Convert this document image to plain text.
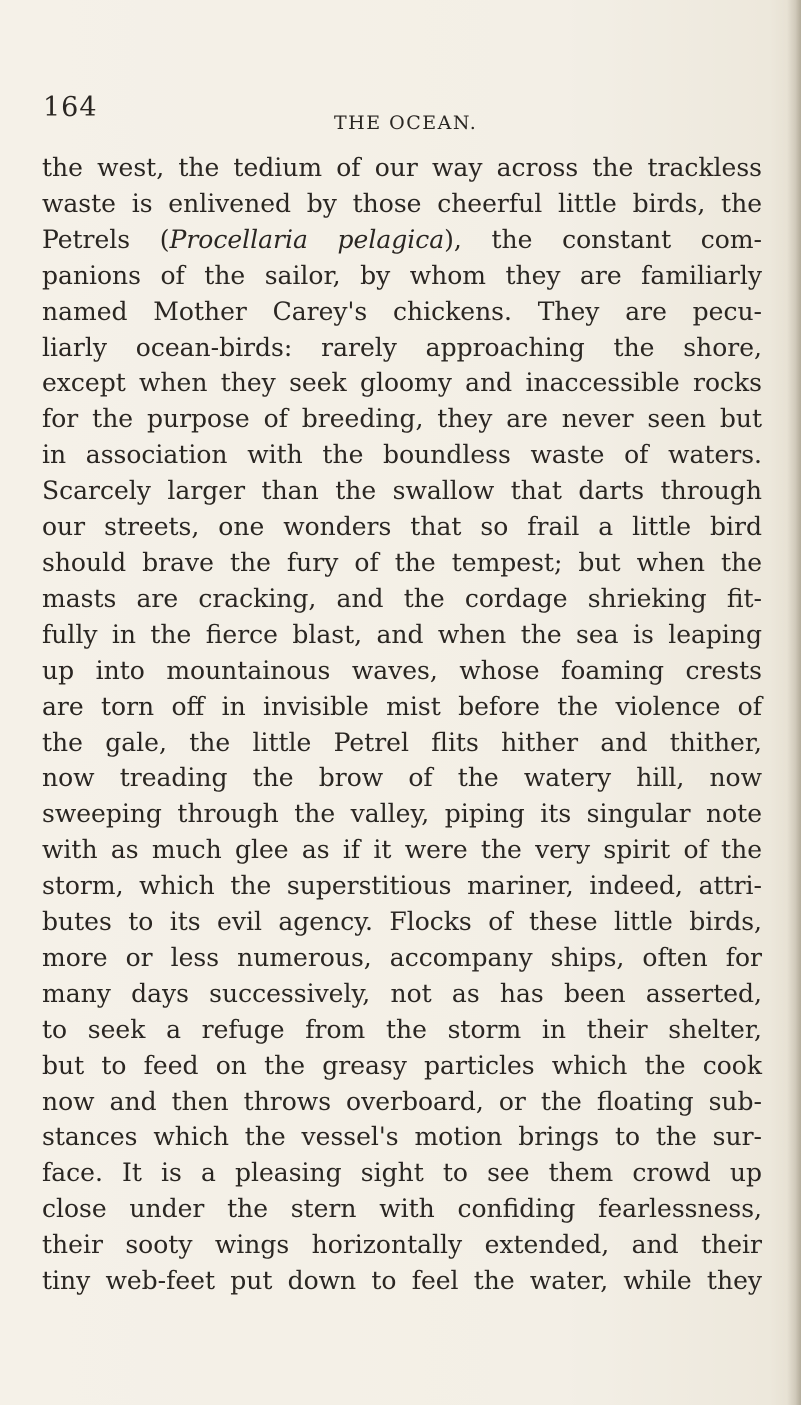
164	THE OCEAN.
the west, the tedium of our way across the trackless
waste is enlivened by those cheerful little birds, the
Petrels (Procellaria pelagica), the constant com-
panions of the sailor, by whom they are familiarly
named Mother Carey's chickens. They are pecu-
liarly ocean-birds: rarely approaching the shore,
except when they seek gloomy and inaccessible rocks
for the purpose of breeding, they are never seen but
in association with the boundless waste of waters.
Scarcely larger than the swallow that darts through
our streets, one wonders that so frail a little bird
should brave the fury of the tempest; but when the
masts are cracking, and the cordage shrieking fit-
fully in the fierce blast, and when the sea is leaping
up into mountainous waves, whose foaming crests
are torn off in invisible mist before the violence of
the gale, the little Petrel flits hither and thither,
now treading the brow of the watery hill, now
sweeping through the valley, piping its singular note
with as much glee as if it were the very spirit of the
storm, which the superstitious mariner, indeed, attri-
butes to its evil agency. Flocks of these little birds,
more or less numerous, accompany ships, often for
many days successively, not as has been asserted,
to seek a refuge from the storm in their shelter,
but to feed on the greasy particles which the cook
now and then throws overboard, or the floating sub-
stances which the vessel's motion brings to the sur-
face. It is a pleasing sight to see them crowd up
close under the stern with confiding fearlessness,
their sooty wings horizontally extended, and their
tiny web-feet put down to feel the water, while they
